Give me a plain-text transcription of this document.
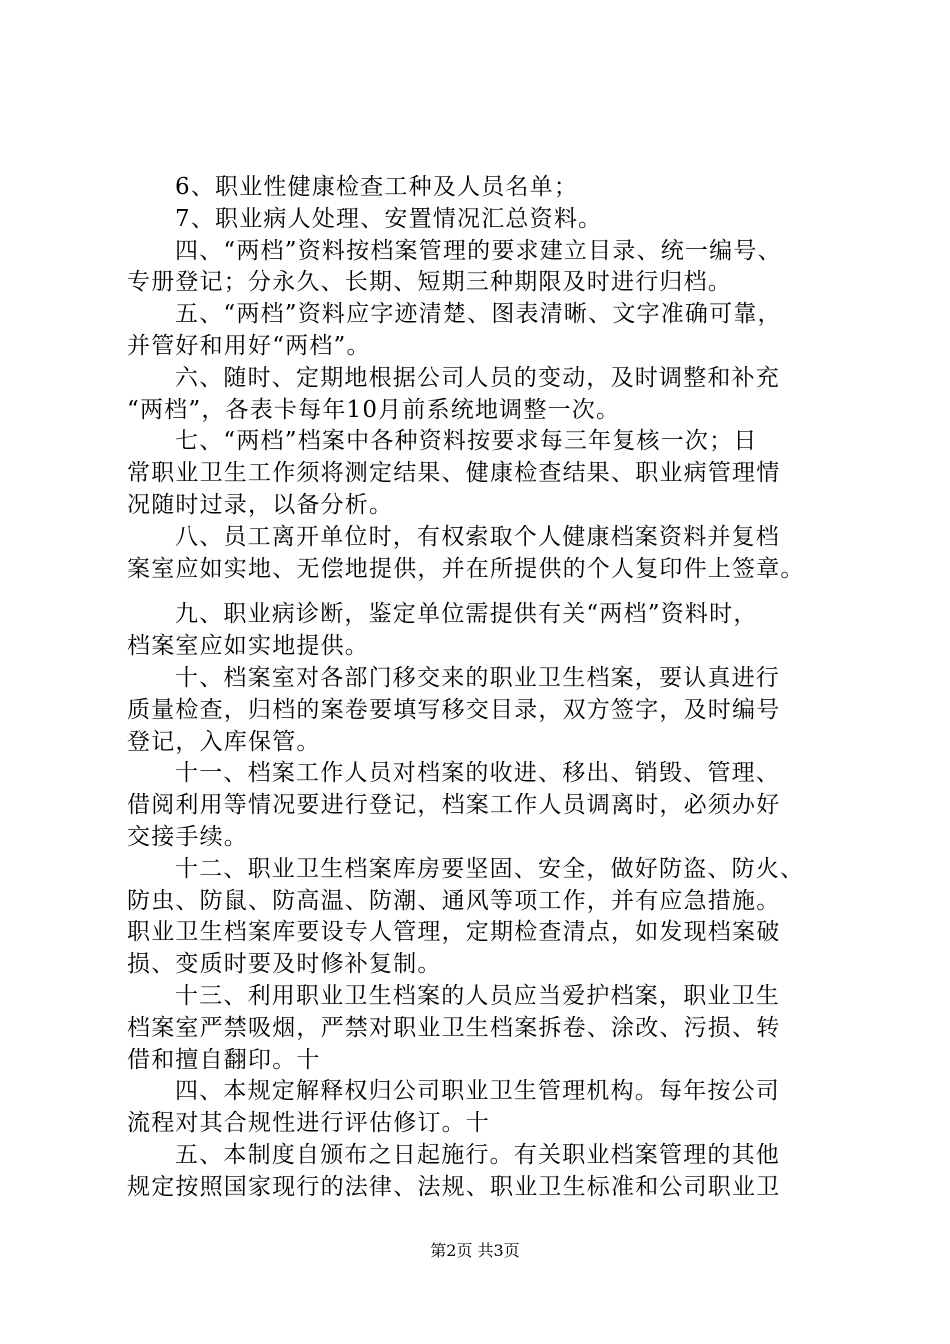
6、职业性健康检查工种及人员名单；
7、职业病人处理、安置情况汇总资料。
四、“两档”资料按档案管理的要求建立目录、统一编号、
专册登记；分永久、长期、短期三种期限及时进行归档。
五、“两档”资料应字迹清楚、图表清晰、文字准确可靠，
并管好和用好“两档”。
六、随时、定期地根据公司人员的变动，及时调整和补充
“两档”，各表卡每年10月前系统地调整一次。
七、“两档”档案中各种资料按要求每三年复核一次；日
常职业卫生工作须将测定结果、健康检查结果、职业病管理情
况随时过录，以备分析。
八、员工离开单位时，有权索取个人健康档案资料并复档
案室应如实地、无偿地提供，并在所提供的个人复印件上签章。
九、职业病诊断，鉴定单位需提供有关“两档”资料时，
档案室应如实地提供。
十、档案室对各部门移交来的职业卫生档案，要认真进行
质量检查，归档的案卷要填写移交目录，双方签字，及时编号
登记，入库保管。
十一、档案工作人员对档案的收进、移出、销毁、管理、
借阅利用等情况要进行登记，档案工作人员调离时，必须办好
交接手续。
十二、职业卫生档案库房要坚固、安全，做好防盗、防火、
防虫、防鼠、防高温、防潮、通风等项工作，并有应急措施。
职业卫生档案库要设专人管理，定期检查清点，如发现档案破
损、变质时要及时修补复制。
十三、利用职业卫生档案的人员应当爱护档案，职业卫生
档案室严禁吸烟，严禁对职业卫生档案拆卷、涂改、污损、转
借和擅自翻印。十
四、本规定解释权归公司职业卫生管理机构。每年按公司
流程对其合规性进行评估修订。十
五、本制度自颁布之日起施行。有关职业档案管理的其他
规定按照国家现行的法律、法规、职业卫生标准和公司职业卫
第2页 共3页
